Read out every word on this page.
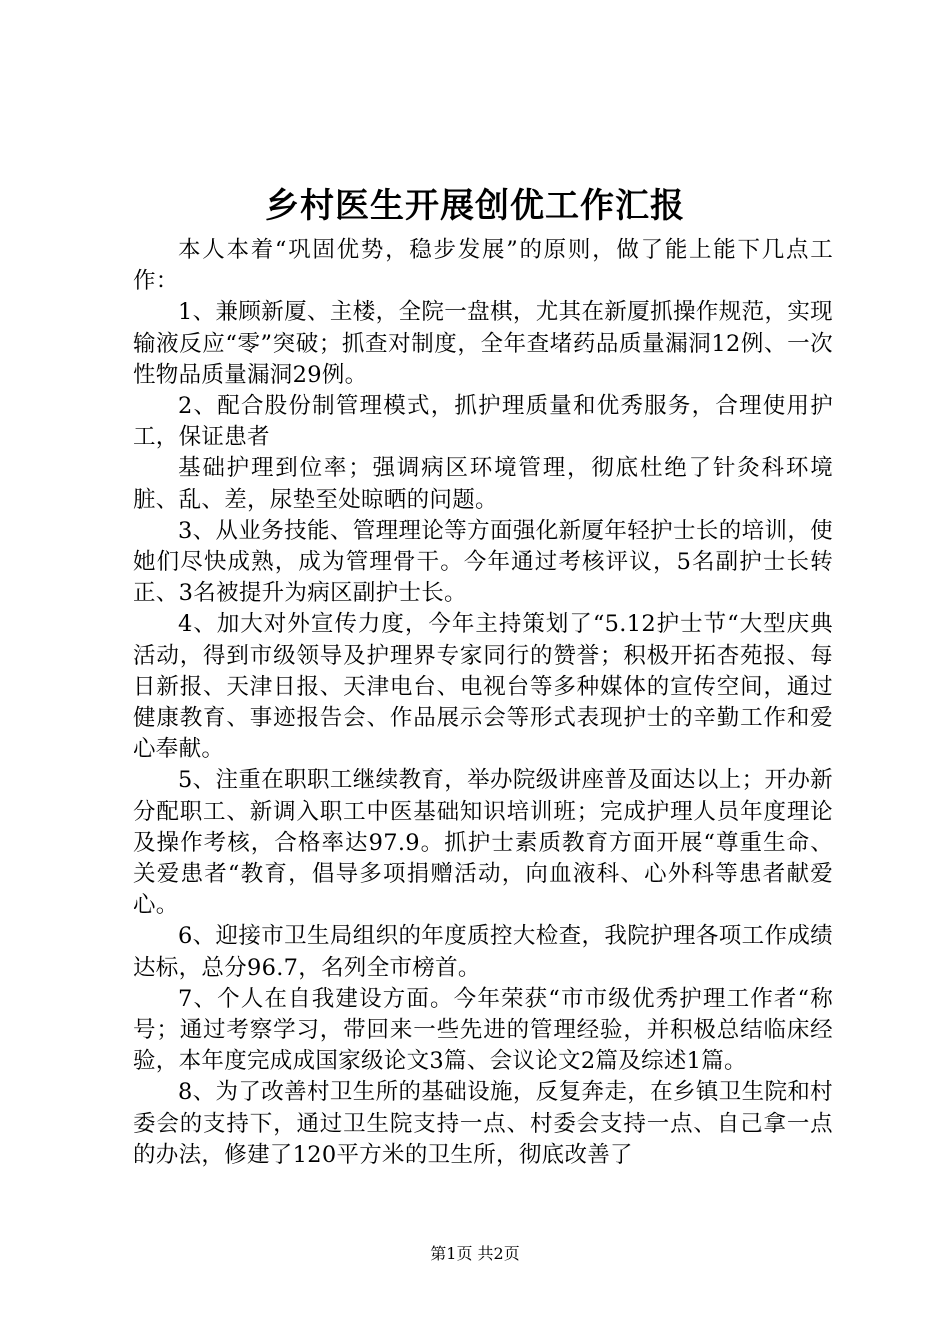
乡村医生开展创优工作汇报

本人本着“巩固优势，稳步发展”的原则，做了能上能下几点工作：

1、兼顾新厦、主楼，全院一盘棋，尤其在新厦抓操作规范，实现输液反应“零”突破；抓查对制度，全年查堵药品质量漏洞12例、一次性物品质量漏洞29例。

2、配合股份制管理模式，抓护理质量和优秀服务，合理使用护工，保证患者

基础护理到位率；强调病区环境管理，彻底杜绝了针灸科环境脏、乱、差，尿垫至处晾晒的问题。

3、从业务技能、管理理论等方面强化新厦年轻护士长的培训，使她们尽快成熟，成为管理骨干。今年通过考核评议，5名副护士长转正、3名被提升为病区副护士长。

4、加大对外宣传力度，今年主持策划了“5.12护士节“大型庆典活动，得到市级领导及护理界专家同行的赞誉；积极开拓杏苑报、每日新报、天津日报、天津电台、电视台等多种媒体的宣传空间，通过健康教育、事迹报告会、作品展示会等形式表现护士的辛勤工作和爱心奉献。

5、注重在职职工继续教育，举办院级讲座普及面达以上；开办新分配职工、新调入职工中医基础知识培训班；完成护理人员年度理论及操作考核，合格率达97.9。抓护士素质教育方面开展“尊重生命、关爱患者“教育，倡导多项捐赠活动，向血液科、心外科等患者献爱心。

6、迎接市卫生局组织的年度质控大检查，我院护理各项工作成绩达标，总分96.7，名列全市榜首。

7、个人在自我建设方面。今年荣获“市市级优秀护理工作者“称号；通过考察学习，带回来一些先进的管理经验，并积极总结临床经验，本年度完成成国家级论文3篇、会议论文2篇及综述1篇。

8、为了改善村卫生所的基础设施，反复奔走，在乡镇卫生院和村委会的支持下，通过卫生院支持一点、村委会支持一点、自己拿一点的办法，修建了120平方米的卫生所，彻底改善了

第1页 共2页
